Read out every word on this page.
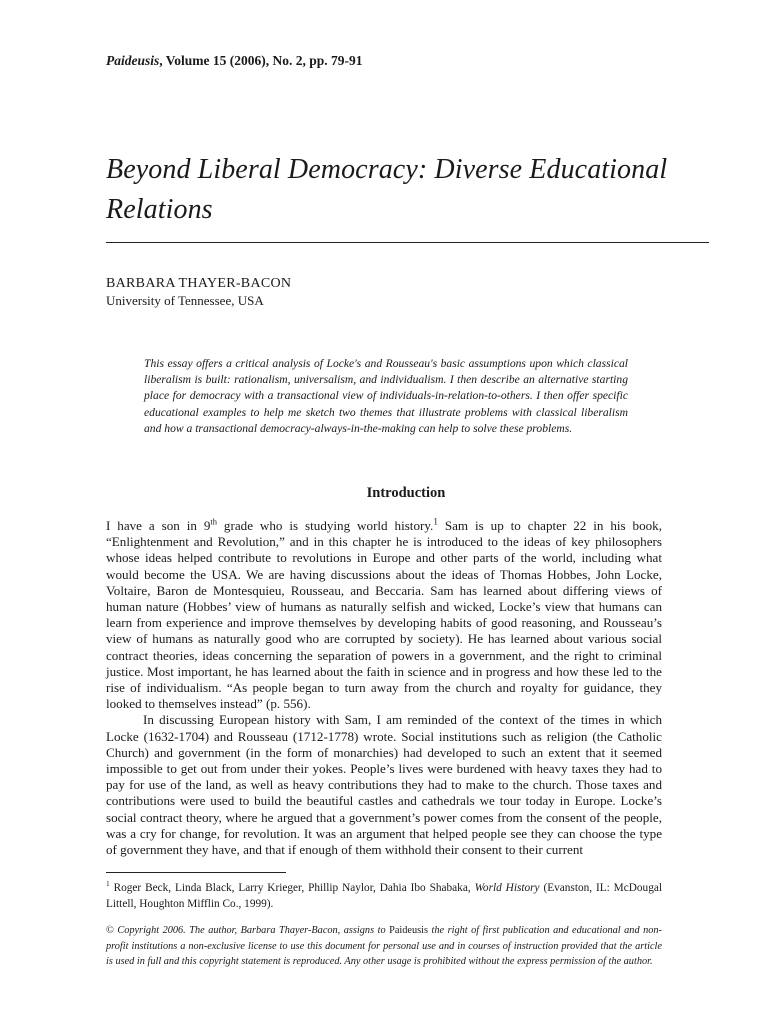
Paideusis, Volume 15 (2006), No. 2, pp. 79-91
Beyond Liberal Democracy: Diverse Educational Relations
BARBARA THAYER-BACON
University of Tennessee, USA

This essay offers a critical analysis of Locke's and Rousseau's basic assumptions upon which classical liberalism is built: rationalism, universalism, and individualism. I then describe an alternative starting place for democracy with a transactional view of individuals-in-relation-to-others. I then offer specific educational examples to help me sketch two themes that illustrate problems with classical liberalism and how a transactional democracy-always-in-the-making can help to solve these problems.

Introduction

I have a son in 9th grade who is studying world history.$^1$ Sam is up to chapter 22 in his book, “Enlightenment and Revolution,” and in this chapter he is introduced to the ideas of key philosophers whose ideas helped contribute to revolutions in Europe and other parts of the world, including what would become the USA. We are having discussions about the ideas of Thomas Hobbes, John Locke, Voltaire, Baron de Montesquieu, Rousseau, and Beccaria. Sam has learned about differing views of human nature (Hobbes’ view of humans as naturally selfish and wicked, Locke’s view that humans can learn from experience and improve themselves by developing habits of good reasoning, and Rousseau’s view of humans as naturally good who are corrupted by society). He has learned about various social contract theories, ideas concerning the separation of powers in a government, and the right to criminal justice. Most important, he has learned about the faith in science and in progress and how these led to the rise of individualism. “As people began to turn away from the church and royalty for guidance, they looked to themselves instead” (p. 556).

In discussing European history with Sam, I am reminded of the context of the times in which Locke (1632-1704) and Rousseau (1712-1778) wrote. Social institutions such as religion (the Catholic Church) and government (in the form of monarchies) had developed to such an extent that it seemed impossible to get out from under their yokes. People’s lives were burdened with heavy taxes they had to pay for use of the land, as well as heavy contributions they had to make to the church. Those taxes and contributions were used to build the beautiful castles and cathedrals we tour today in Europe. Locke’s social contract theory, where he argued that a government’s power comes from the consent of the people, was a cry for change, for revolution. It was an argument that helped people see they can choose the type of government they have, and that if enough of them withhold their consent to their current

$^1$ Roger Beck, Linda Black, Larry Krieger, Phillip Naylor, Dahia Ibo Shabaka, World History (Evanston, IL: McDougal Littell, Houghton Mifflin Co., 1999).

© Copyright 2006. The author, Barbara Thayer-Bacon, assigns to Paideusis the right of first publication and educational and non-profit institutions a non-exclusive license to use this document for personal use and in courses of instruction provided that the article is used in full and this copyright statement is reproduced. Any other usage is prohibited without the express permission of the author.
